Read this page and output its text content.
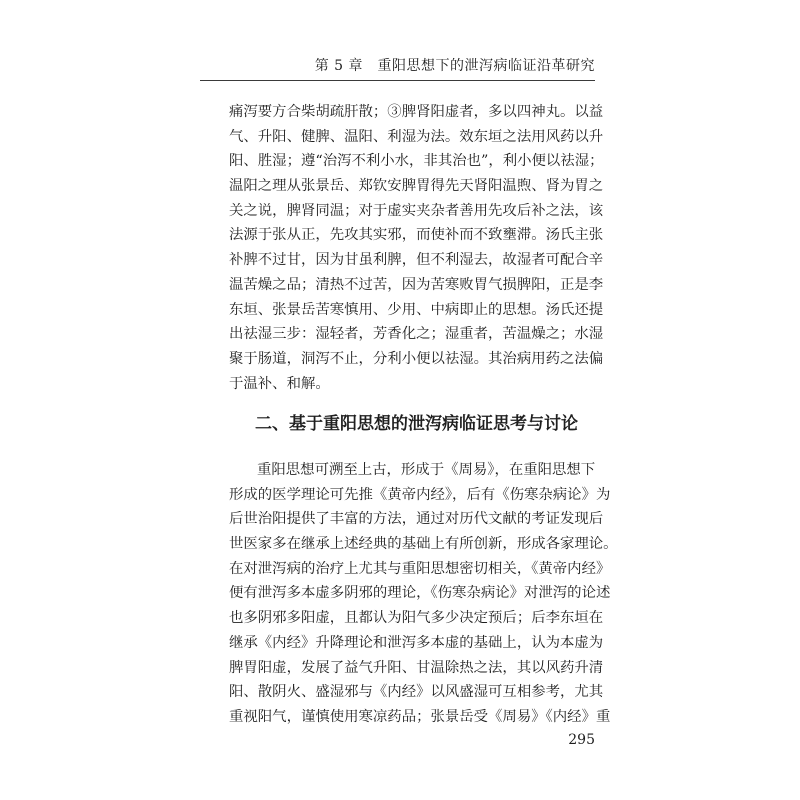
第 5 章　重阳思想下的泄泻病临证沿革研究
痛泻要方合柴胡疏肝散；③脾肾阳虚者，多以四神丸。以益
气、升阳、健脾、温阳、利湿为法。效东垣之法用风药以升
阳、胜湿；遵“治泻不利小水，非其治也”，利小便以祛湿；
温阳之理从张景岳、郑钦安脾胃得先天肾阳温煦、肾为胃之
关之说，脾肾同温；对于虚实夹杂者善用先攻后补之法，该
法源于张从正，先攻其实邪，而使补而不致壅滞。汤氏主张
补脾不过甘，因为甘虽利脾，但不利湿去，故湿者可配合辛
温苦燥之品；清热不过苦，因为苦寒败胃气损脾阳，正是李
东垣、张景岳苦寒慎用、少用、中病即止的思想。汤氏还提
出祛湿三步：湿轻者，芳香化之；湿重者，苦温燥之；水湿
聚于肠道，洞泻不止，分利小便以祛湿。其治病用药之法偏
于温补、和解。
二、基于重阳思想的泄泻病临证思考与讨论
重阳思想可溯至上古，形成于《周易》，在重阳思想下
形成的医学理论可先推《黄帝内经》，后有《伤寒杂病论》为
后世治阳提供了丰富的方法，通过对历代文献的考证发现后
世医家多在继承上述经典的基础上有所创新，形成各家理论。
在对泄泻病的治疗上尤其与重阳思想密切相关，《黄帝内经》
便有泄泻多本虚多阴邪的理论，《伤寒杂病论》对泄泻的论述
也多阴邪多阳虚，且都认为阳气多少决定预后；后李东垣在
继承《内经》升降理论和泄泻多本虚的基础上，认为本虚为
脾胃阳虚，发展了益气升阳、甘温除热之法，其以风药升清
阳、散阴火、盛湿邪与《内经》以风盛湿可互相参考，尤其
重视阳气，谨慎使用寒凉药品；张景岳受《周易》《内经》重
295
